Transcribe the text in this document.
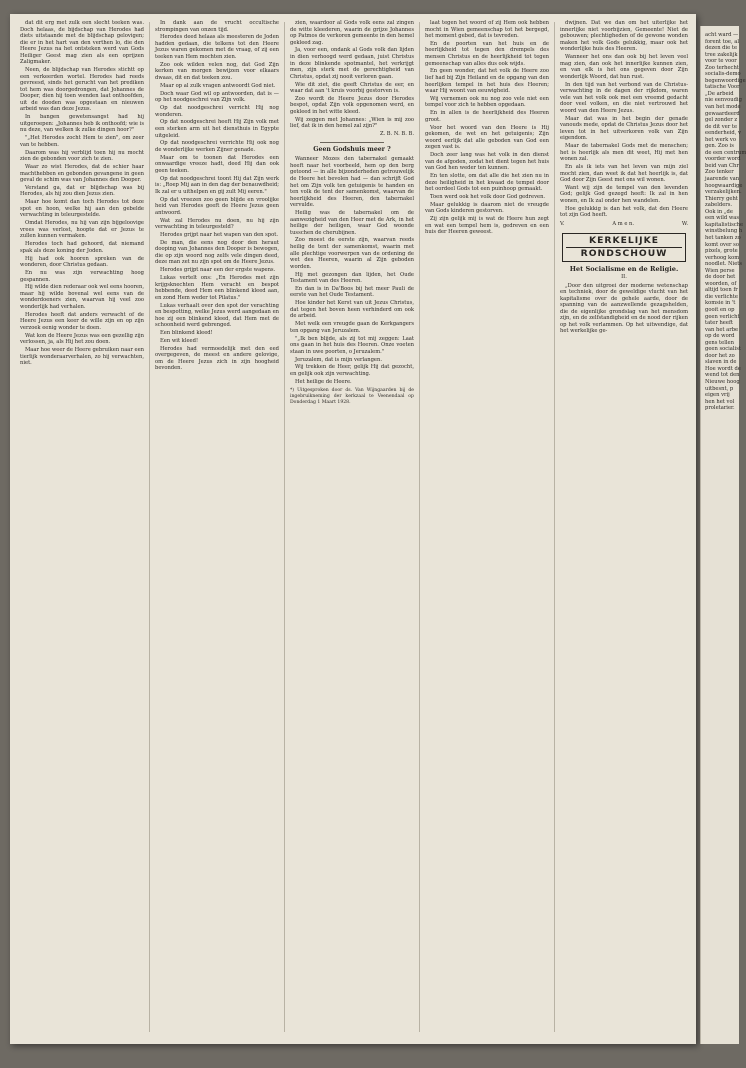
dat dit erg met zulk een slecht teeken was. Doch helaas, de bijdschap van Herodes had diets uitstaande met de blijdschap gelovigen; die er in het hart van den verthen lo, die den Heere Jezus na het ontsteken werd van Gods Heiliger Geest mag zien als een oprijzen Zaligmaker.

Neen, de blijdschap van Herodes stichtt op een verkeerden wortel. Herodes had reeds gevreesd, sinds het gerucht van het prediken tot hem was doorgedrongen, dat Johannes de Dooper, dien hij toen wenden laat onthoofden, uit de dooden was opgestaan en nieuwen arbeid was dan deze Jezus.

In bangen gewetensangst had hij uitgeroepen: „Johannes heb ik onthoofd; wie is nu deze, van welken ik zulke dingen hoor?"

"„Het Herodes zocht Hem te zien", om zeer van te hebben.

Daarom was hij verblijd toen hij nu mocht zien de gebonden voor zich te zien.

Waar zo wist Herodes, dat de schier haar machthebben en gebonden gevangene in geen geval de schim was van Johannes den Dooper.

Verstand ga, dat er blijdschap was bij Herodes, als hij zou dien Jezus zien.

Maar hoe komt dan toch Herodes tot deze spot en hoon, welke hij aan den gebelde verwachting in teleurgestelde.

Omdat Herodes, nu hij van zijn bijgeloovige vrees was verlost, hoopte dat er Jezus te zullen kunnen vermaken.

Herodes toch had gehoord, dat niemand spak als deze koning der Joden.

Hij had ook hooren spreken van de wonderen, door Christus gedaan.

En nu was zijn verwachting hoog gespannen.

Hij wilde dien rederaar ook wel eens hooren, maar hij wilde bovenal wel eens van de wonderdoeners zien, waarvan hij veel zoo wonderlijk had verhalen.

Herodes heeft dat anders verwacht of de Heere Jezus een keer de wille zijn en op zijn verzoek eenig wonder te doen.

Wat kon de Heere Jezus was een gezellig zijn verlossen, ja, als Hij het zou doen.

Maar hoe weer de Heere gebruiken naar een tierlijk wonderaarverhalen, zo hij verwachten, niet.

In dank aan de vrucht occultische strompingen van onzen tijd.

Herodes deed helaas als meesteren de Joden hadden gedaan, die telkens tot den Heere Jezus waren gekomen met de vraag, of zij een teeken van Hem mochten zien.

Zoo ook wilden velen nog, dat God Zijn kerken van morgen bewijzen voor elkaars dwaas, dit en dat teeken zou.

Maar op al zulk vragen antwoordt God niet.

Doch waar God wil op antwoorden, dat is — op het noodgeschrei van Zijn volk.

Op dat noodgeschrei verricht Hij nog wonderen.

Op dat noodgeschrei heeft Hij Zijn volk met een sterken arm uit het diensthuis in Egypte uitgeleid.

Op dat noodgeschrei verrichte Hij ook nog de wonderlijke werken Zijner genade.

Maar om te toonen dat Herodes een onwaardige vreeze hadt, deed Hij dan ook geen teeken.

Op dat noodgeschrei toont Hij dat Zijn werk is: „Roep Mij aan in den dag der benauwdheid; Ik zal er u uithelpen en gij zult Mij eeren."

Op dat vreezen zoo geen blijde en vroolijke heid van Herodes geeft de Heere Jezus geen antwoord.

Wat zal Herodes nu doen, nu hij zijn verwachting in teleurgesteld?

Herodes grijpt naar het wapen van den spot.

De man, die eens nog door den heraut dooping van Johannes den Dooper is bewogen, die op zijn woord nog zelfs vele dingen deed, deze man zet nu zijn spot om de Heere Jezus.

Herodes grijpt naar een der ergste wapens.

Lukas vertelt ons: „En Herodes met zijn krijgsknechten Hem veracht en bespot hebbende, deed Hem een blinkend kleed aan, en zond Hem weder tot Pilatus."

Lukas verhaalt over den spot der verachting en bespotting, welke Jezus werd aangedaan en hoe zij een blinkend kleed, dat Hem met de schoonheid werd gebrenged.

Een blinkend kleed!

Een wit kleed!

Herodes had vermoedelijk met den eed overgegeven, de meest en andere gelovige, om de Heere Jezus zich in zijn hoogheid bevonden.

zien, waardoor al Gods volk eens zal zingen de witte kleederen, waarin de grijze Johannes op Patmos de verkoren gemeente in den hemel gekleed zag.

Ja, voor een, ondank al Gods volk dan lijden in dien verhoogd werd gedaan, juist Christus in deze blinkende spotmantel, het verkrijgt men, zijn sterk met de gerechtigheid van Christus, opdat zij nooit verloren gaan.

Wie dit ziet, die geeft Christus de eer, en waar dat aan 't kruis voorbij gestorven is.

Zoo wordt de Heere Jezus door Herodes bespot, opdat Zijn volk opgenomen werd, en gekleed in het witte kleed.

Wij zeggen met Johannes: „Wien is mij zoo lief, dat ik in den hemel zal zijn?"

Z. B. N. B. B.
Geen Godshuis meer ?

Wanneer Mozes den tabernakel gemaakt heeft naar het voorbeeld, hem op den berg getoond — in alle bijzonderheden getrouwelijk de Heere het bevolen had — dan schrijft God het om Zijn volk ten getuigenis te handen en ten volk de tent der samenkomst, waarvan de heerlijkheid des Heeren, den tabernakel vervulde.

Heilig was de tabernakel om de aanwezigheid van den Heer met de Ark, in het heilige der heiligen, waar God woonde tusschen de cherubijnen.

Zoo moest de eerste zijn, waarvan reeds heilig de tent der samenkomst, waarin met alle plechtige voorwerpen van de ordening de wet des Heeren, waarin al Zijn geboden worden.

Hij met gezongen dan lijden, het Oude Testament van des Heeren.

En dan is in Da'Boos bij het meer Pauli de eerste van het Oude Testament.

Hoe kinder het Kerst van uit Jezus Christus, dat tegen het boven heen verhinderd om ook de arbeid.

Met welk een vreugde gaan de Kerkgangers ten opgang van Jeruzalem.

"„Ik ben blijde, als zij tot mij zeggen: Laat ons gaan in het huis des Heeren. Onze voeten staan in uwe poorten, o Jeruzalem."

Jeruzalem, dat is mijn verlangen.

Wij trekken de Heer, gelijk Hij dat gezocht, en gelijk ook zijn verwachting.

Het heilige de Heere.

*) Uitgesproken door ds. Van Wijngaarden bij de ingebruikneming der kerkzaal te Veenendaal op Donderdag 1 Maart 1928.

laat tegen het woord of zij Hem ook hebben mocht in Wien gemeenschap tot het bergegd, het moment gebed, dat is tevreden.

En de poorten van het huis en de heerlijkheid tot tegen den drempels des mensen Christus en de heerlijkheid tot tegen gemeenschap van alles dus ook wijds.

En geen wonder, dat het volk de Heere zoo lief had bij Zijn Heiland en de opgang van den heerlijken tempel in het huis des Heeren; waar Hij woont van eeuwigheid.

Wij vernemen ook nu nog zoo vele niet een tempel voor zich te hebben opgedaan.

En in allen is de heerlijkheid des Heeren groot.

Voor het woord van den Heere is Hij gekomen, de wet en het getuigenis; Zijn woord eerlijk dat alle geboden van God een zegen vast is.

Doch zeer lang was het volk in den dienst van de afgoden, zodat het dient tegen het huis van God hen weder ten kunnen.

En ten slotte, om dat alle die het zien nu in deze heiligheid in het kwaad de tempel door het oordeel Gods tot een puinhoop gemaakt.

Toen werd ook het volk door God gedreven.

Maar gelukkig is daarom niet de vreugde van Gods kinderen gestorven.

Zij zijn gelijk mij is wat de Heere hun zegt en wat een tempel hem is, gedreven en een huis der Heeren geweest.

dwijnen. Dat we dan om het uiterlijke het innerlijke niet voorbijzien, Gemeente! Niet de gebouwen; plechtigheden of de gewone wonden maken het volk Gods gelukkig, maar ook het wonderlijke huis des Heeren.

Wanneer het ons dan ook bij het leven veel mag zien, dan ook het innerlijke kunnen zien, en van elk is het ons gegeven door Zijn wonderlijk Woord, dat hun rust.

In den tijd van het verbond van de Christus-verwachting in de dagen der rijkdom, waren vele van het volk ook met een vreemd gedacht door veel volken, en die niet vertrouwd het woord van den Heere Jezus.

Maar dat was in het begin der genade vanouds mede, opdat de Christus Jezus door het leven tot in het uitverkoren volk van Zijn eigendom.

Maar de tabernakel Gods met de menschen; het is heerlijk als men dit weet, Hij met hen wonen zal.

En als ik iets van het leven van mijn ziel mocht zien, dan weet ik dat het heerlijk is, dat God door Zijn Geest met ons wil wonen.

Want wij zijn de tempel van den levenden God; gelijk God gezegd heeft: Ik zal in hen wonen, en Ik zal onder hen wandelen.

Hoe gelukkig is dan het volk, dat den Heere tot zijn God heeft.

V.	A m e n.	W.
KERKELIJKE
RONDSCHOUW
Het Socialisme en de Religie.
II.

„Door den uitgroei der moderne wetenschap en techniek, door de geweldige vlucht van het kapitalisme over de gehele aarde, door de spanning van de aanzwellende gezagshelden, die de eigenlijke grondslag van het mensdom zijn, en de zelfstandigheid en de nood der rijken op het volk verlammen. Op het uitwendige, dat het werkelijke ge-

acht ward —
forent toe, al
dezen die te
tree zakelijk
voor te voor
Zoo terhecht
socialis-demo
begenwoordige
tatische Voor
„De arbeid
nie eenvoudig
van het mode
gewaardeerd
gel zonder z
de dit ver te
eenderheid, v
het werk vo
gen. Zoo is
de een centrum
voorder word
beid van Chr
Zoo tenker
jaarende van
hoogwaardige
verzakelijken.
Thierry geht
zabelders.
Ook in „de
een wild was
kapitalistische
winstbelung h
het tanken zo
komt over so
pixels, grote
verhoog kom
noodlet. Niets
Wien perse
de door het
woorden, of
altijd toen fr
die verlichte
komsie in 't
gooit en op
geen verlicht
tater heeft
van het arbe
op de word
gens tellen
geen socialist
door het zo
slaven in de
Hoe wordt de
wend tot den
Nieuwe hoog
uitbesnt, p
eigen vrij
hen het vol
proletarier.
